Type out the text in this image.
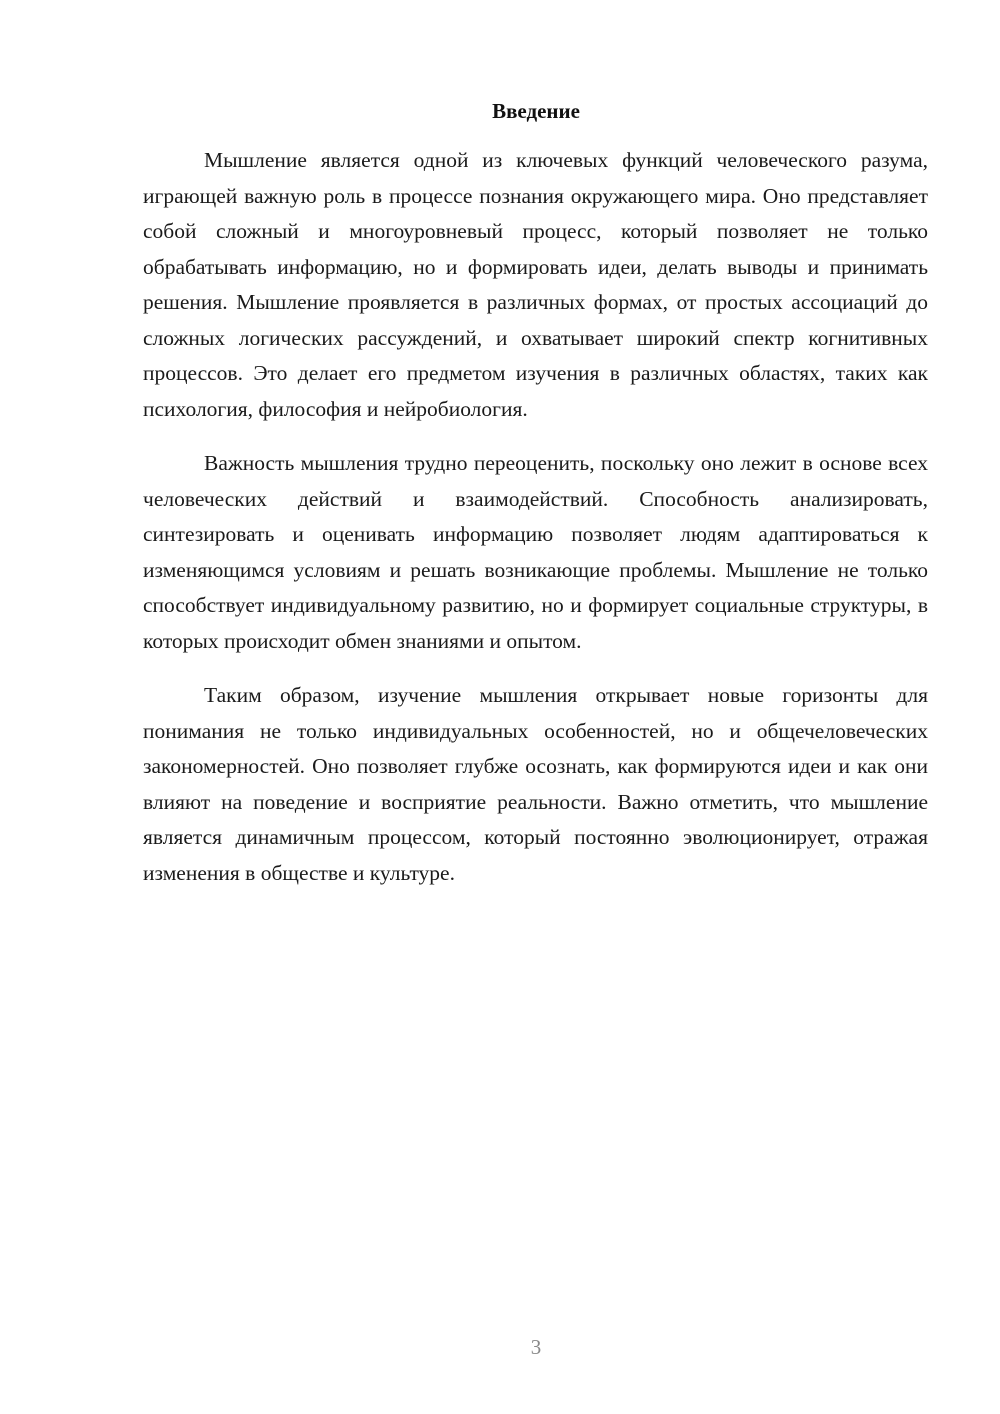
Введение

Мышление является одной из ключевых функций человеческого разума, играющей важную роль в процессе познания окружающего мира. Оно представляет собой сложный и многоуровневый процесс, который позволяет не только обрабатывать информацию, но и формировать идеи, делать выводы и принимать решения. Мышление проявляется в различных формах, от простых ассоциаций до сложных логических рассуждений, и охватывает широкий спектр когнитивных процессов. Это делает его предметом изучения в различных областях, таких как психология, философия и нейробиология.

Важность мышления трудно переоценить, поскольку оно лежит в основе всех человеческих действий и взаимодействий. Способность анализировать, синтезировать и оценивать информацию позволяет людям адаптироваться к изменяющимся условиям и решать возникающие проблемы. Мышление не только способствует индивидуальному развитию, но и формирует социальные структуры, в которых происходит обмен знаниями и опытом.

Таким образом, изучение мышления открывает новые горизонты для понимания не только индивидуальных особенностей, но и общечеловеческих закономерностей. Оно позволяет глубже осознать, как формируются идеи и как они влияют на поведение и восприятие реальности. Важно отметить, что мышление является динамичным процессом, который постоянно эволюционирует, отражая изменения в обществе и культуре.

3
